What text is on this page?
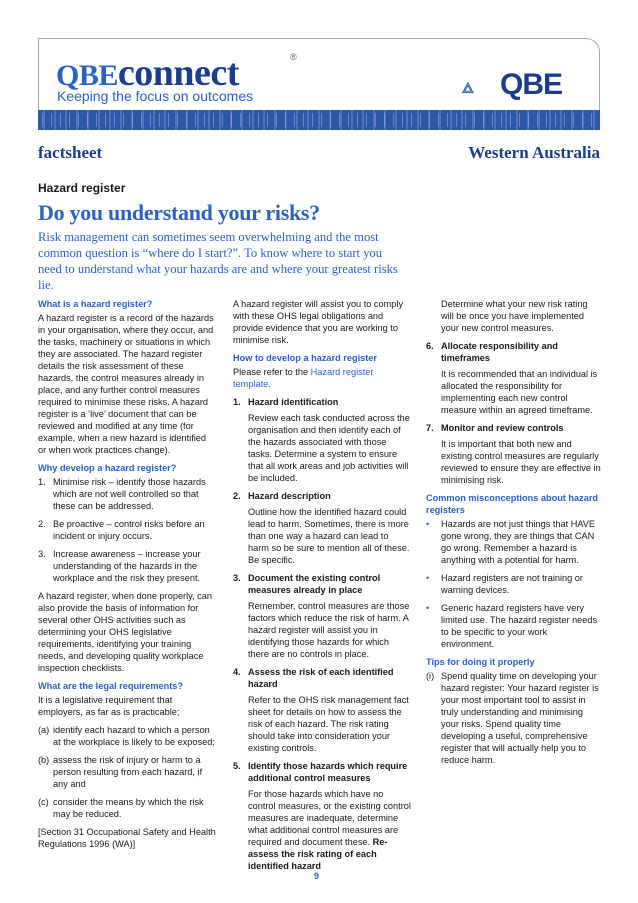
QBEconnect	®
Keeping the focus on outcomes	QBE
factsheet	Western Australia
Hazard register
Do you understand your risks?
Risk management can sometimes seem overwhelming and the most common question is “where do I start?”. To know where to start you need to understand what your hazards are and where your greatest risks lie.
What is a hazard register?

A hazard register is a record of the hazards in your organisation, where they occur, and the tasks, machinery or situations in which they are associated. The hazard register details the risk assessment of these hazards, the control measures already in place, and any further control measures required to minimise these risks. A hazard register is a ‘live’ document that can be reviewed and modified at any time (for example, when a new hazard is identified or when work practices change).

Why develop a hazard register?
1. Minimise risk – identify those hazards which are not well controlled so that these can be addressed.
2. Be proactive – control risks before an incident or injury occurs.
3. Increase awareness – increase your understanding of the hazards in the workplace and the risk they present.

A hazard register, when done properly, can also provide the basis of information for several other OHS activities such as determining your OHS legislative requirements, identifying your training needs, and developing quality workplace inspection checklists.

What are the legal requirements?

It is a legislative requirement that employers, as far as is practicable;

(a) identify each hazard to which a person at the workplace is likely to be exposed;
(b) assess the risk of injury or harm to a person resulting from each hazard, if any and
(c) consider the means by which the risk may be reduced.

[Section 31 Occupational Safety and Health Regulations 1996 (WA)]

A hazard register will assist you to comply with these OHS legal obligations and provide evidence that you are working to minimise risk.

How to develop a hazard register

Please refer to the Hazard register template.

1. Hazard identification
Review each task conducted across the organisation and then identify each of the hazards associated with those tasks. Determine a system to ensure that all work areas and job activities will be included.
2. Hazard description
Outline how the identified hazard could lead to harm. Sometimes, there is more than one way a hazard can lead to harm so be sure to mention all of these. Be specific.
3. Document the existing control measures already in place
Remember, control measures are those factors which reduce the risk of harm. A hazard register will assist you in identifying those hazards for which there are no controls in place.
4. Assess the risk of each identified hazard
Refer to the OHS risk management fact sheet for details on how to assess the risk of each hazard. The risk rating should take into consideration your existing controls.
5. Identify those hazards which require additional control measures
For those hazards which have no control measures, or the existing control measures are inadequate, determine what additional control measures are required and document these. Re-assess the risk rating of each identified hazard
Determine what your new risk rating will be once you have implemented your new control measures.
6. Allocate responsibility and timeframes
It is recommended that an individual is allocated the responsibility for implementing each new control measure within an agreed timeframe.
7. Monitor and review controls
It is important that both new and existing control measures are regularly reviewed to ensure they are effective in minimising risk.
Common misconceptions about hazard registers
•	Hazards are not just things that HAVE gone wrong, they are things that CAN go wrong. Remember a hazard is anything with a potential for harm.
•	Hazard registers are not training or warning devices.
•	Generic hazard registers have very limited use. The hazard register needs to be specific to your work environment.
Tips for doing it properly
(i) Spend quality time on developing your hazard register: Your hazard register is your most important tool to assist in truly understanding and minimising your risks. Spend quality time developing a useful, comprehensive register that will actually help you to reduce harm.
9
